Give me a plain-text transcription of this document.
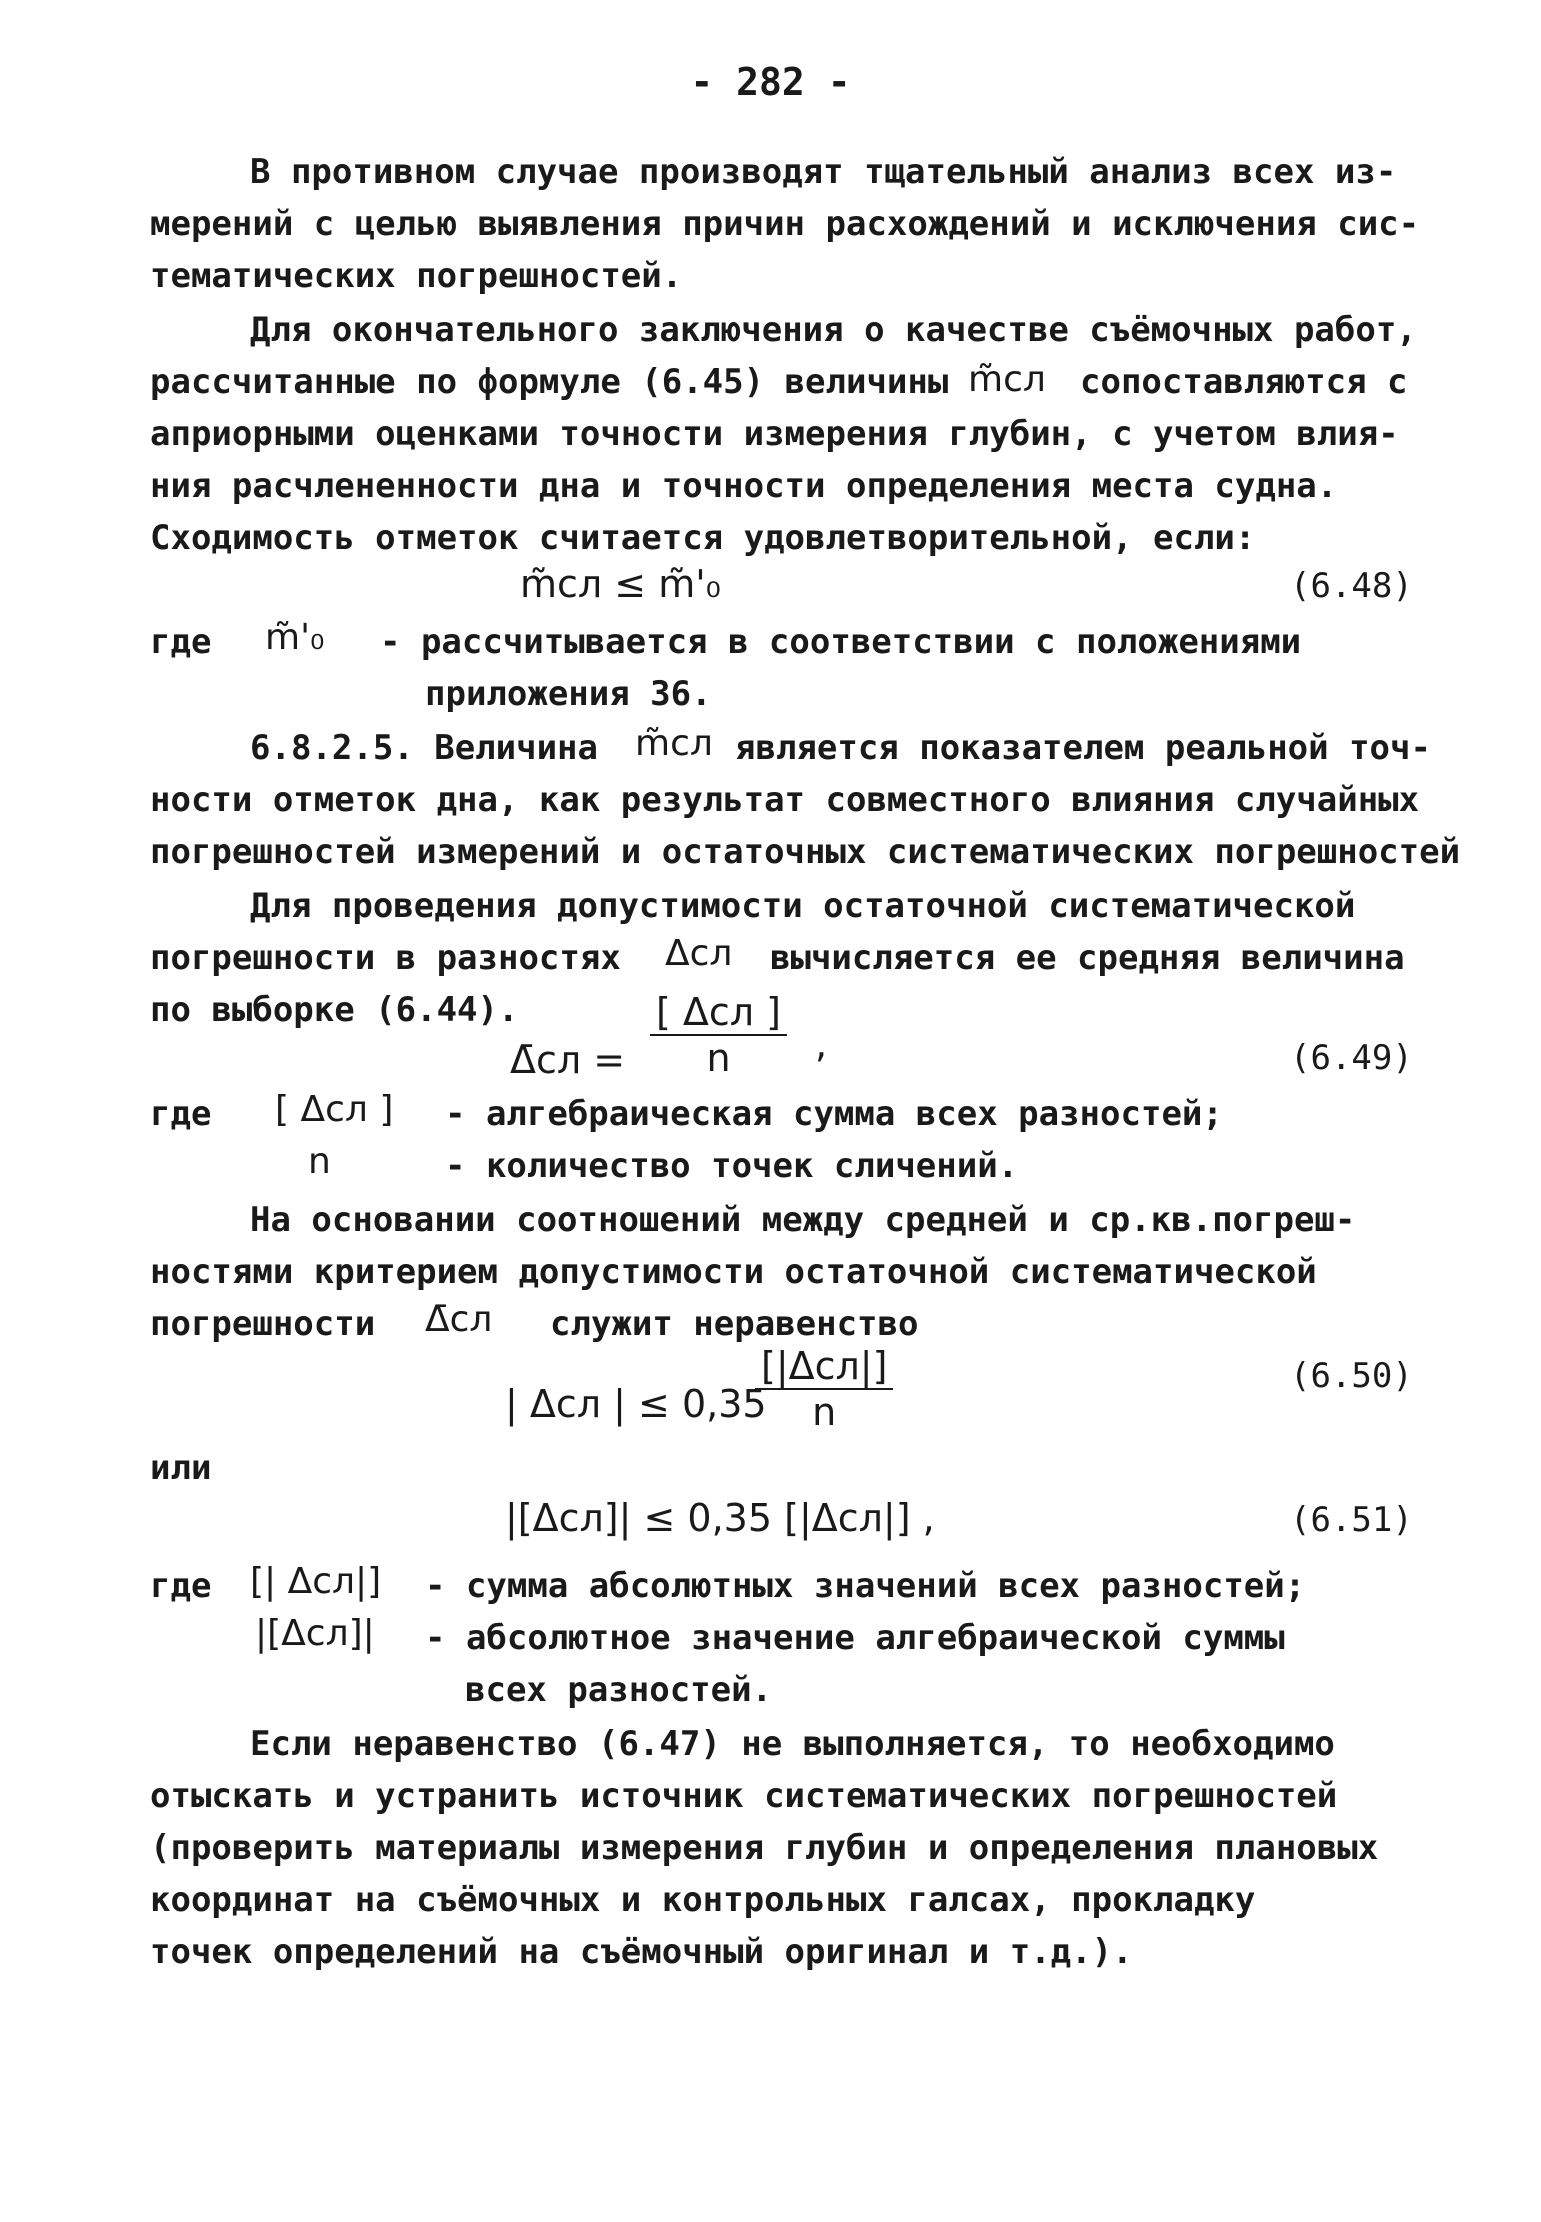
- 282 -
В противном случае производят тщательный анализ всех из-
мерений с целью выявления причин расхождений и исключения сис-
тематических погрешностей.
Для окончательного заключения о качестве съёмочных работ,
рассчитанные по формуле (6.45) величины m̃сл сопоставляются с
априорными оценками точности измерения глубин, с учетом влия-
ния расчлененности дна и точности определения места судна.
Сходимость отметок считается удовлетворительной, если:
m̃сл ≤ m̃'₀	(6.48)
где m̃'₀ - рассчитывается в соответствии с положениями
приложения 36.
6.8.2.5. Величина m̃сл является показателем реальной точ-
ности отметок дна, как результат совместного влияния случайных
погрешностей измерений и остаточных систематических погрешностей
Для проведения допустимости остаточной систематической
погрешности в разностях Δсл вычисляется ее средняя величина
по выборке (6.44).
Δ̄сл =
[ Δсл ]
n	,	(6.49)
где [ Δсл ] - алгебраическая сумма всех разностей;
n	- количество точек сличений.
На основании соотношений между средней и ср.кв.погреш-
ностями критерием допустимости остаточной систематической
погрешности Δ̄сл служит неравенство
| Δсл | ≤ 0,35
[|Δсл|]
n
(6.50)
или
|[Δсл]| ≤ 0,35 [|Δсл|] ,	(6.51)
где [| Δсл|] - сумма абсолютных значений всех разностей;
|[Δсл]| - абсолютное значение алгебраической суммы
всех разностей.
Если неравенство (6.47) не выполняется, то необходимо
отыскать и устранить источник систематических погрешностей
(проверить материалы измерения глубин и определения плановых
координат на съёмочных и контрольных галсах, прокладку
точек определений на съёмочный оригинал и т.д.).
